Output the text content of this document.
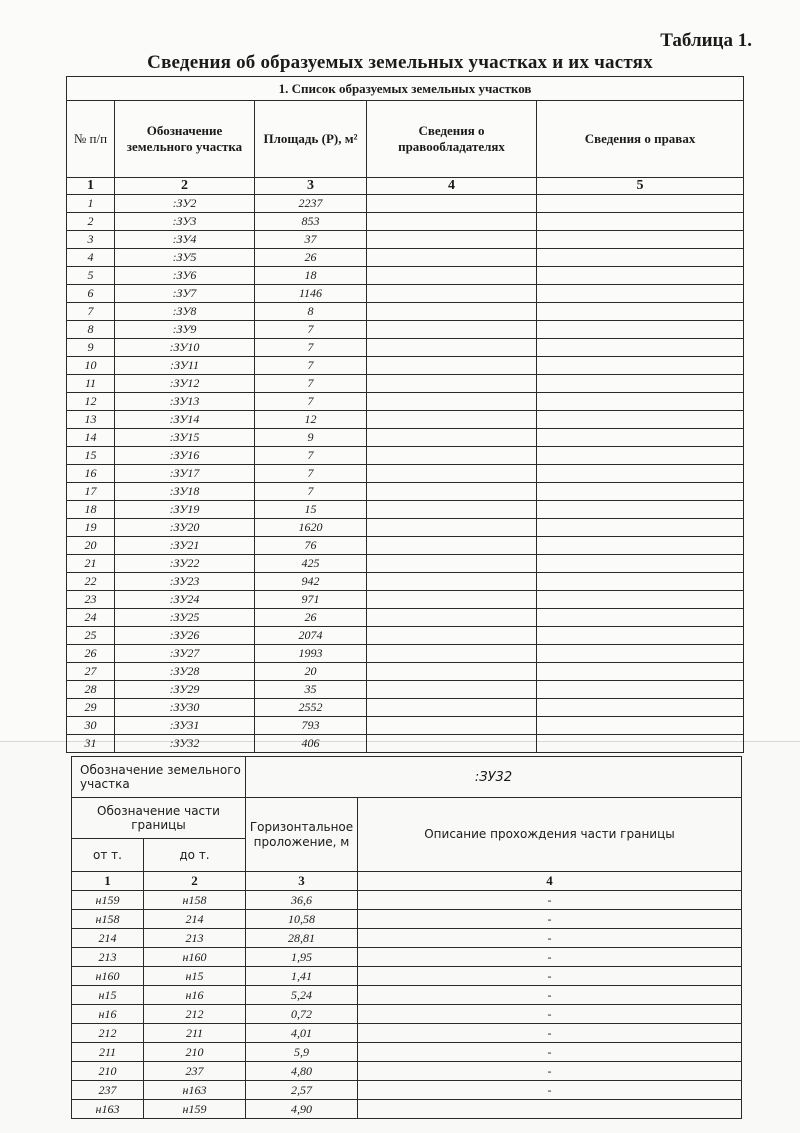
Таблица 1.
Сведения об образуемых земельных участках и их частях
1. Список образуемых земельных участков				
№ п/п	Обозначение земельного участка	Площадь (Р), м²	Сведения о правообладателях	Сведения о правах
1	2	3	4	5
1	:ЗУ2	2237		
2	:ЗУ3	853		
3	:ЗУ4	37		
4	:ЗУ5	26		
5	:ЗУ6	18		
6	:ЗУ7	1146		
7	:ЗУ8	8		
8	:ЗУ9	7		
9	:ЗУ10	7		
10	:ЗУ11	7		
11	:ЗУ12	7		
12	:ЗУ13	7		
13	:ЗУ14	12		
14	:ЗУ15	9		
15	:ЗУ16	7		
16	:ЗУ17	7		
17	:ЗУ18	7		
18	:ЗУ19	15		
19	:ЗУ20	1620		
20	:ЗУ21	76		
21	:ЗУ22	425		
22	:ЗУ23	942		
23	:ЗУ24	971		
24	:ЗУ25	26		
25	:ЗУ26	2074		
26	:ЗУ27	1993		
27	:ЗУ28	20		
28	:ЗУ29	35		
29	:ЗУ30	2552		
30	:ЗУ31	793		
31	:ЗУ32	406		
Обозначение земельного участка		:ЗУ32	
Обозначение части границы		Горизонтальное проложение, м	Описание прохождения части границы
от т.	до т.		
1	2	3	4
н159	н158	36,6	-
н158	214	10,58	-
214	213	28,81	-
213	н160	1,95	-
н160	н15	1,41	-
н15	н16	5,24	-
н16	212	0,72	-
212	211	4,01	-
211	210	5,9	-
210	237	4,80	-
237	н163	2,57	-
н163	н159	4,90	
